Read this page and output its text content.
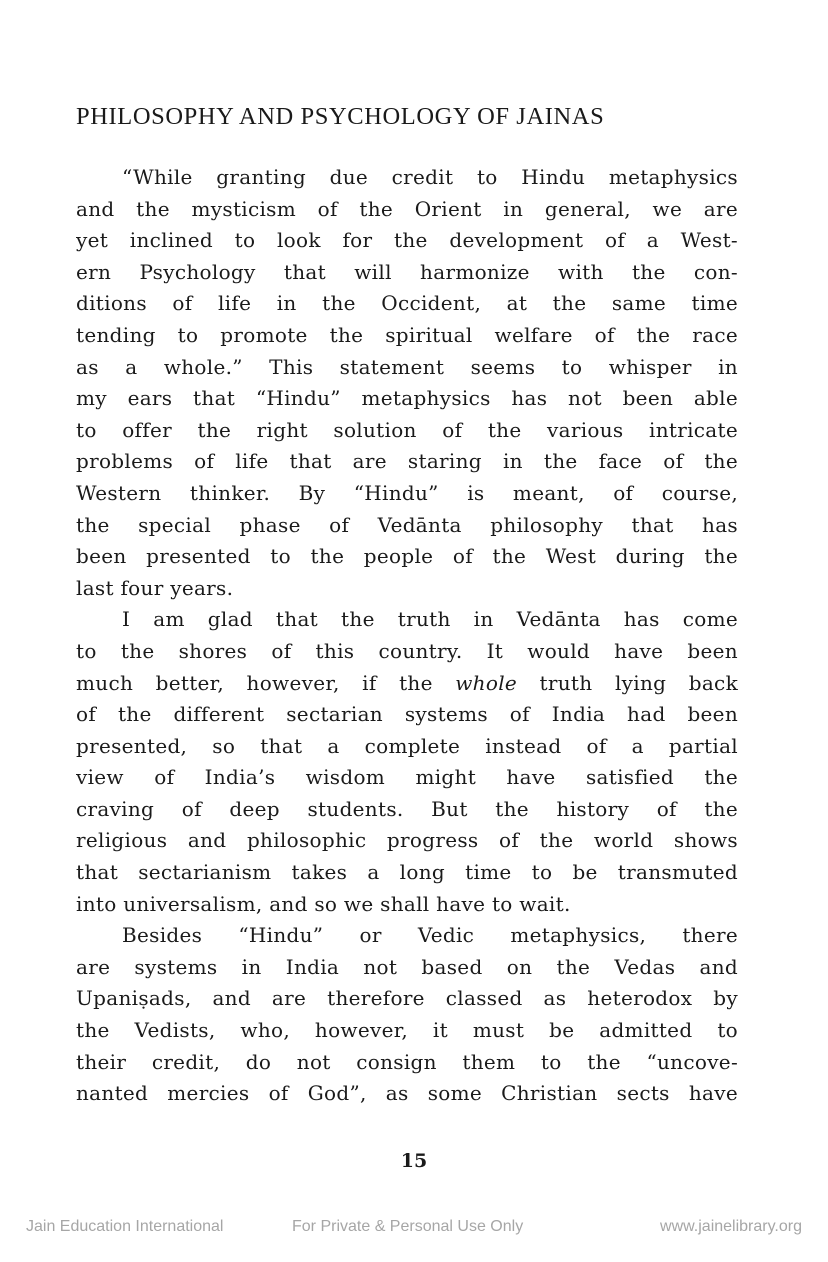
PHILOSOPHY AND PSYCHOLOGY OF JAINAS
“While granting due credit to Hindu metaphysics
and the mysticism of the Orient in general, we are
yet inclined to look for the development of a West-
ern Psychology that will harmonize with the con-
ditions of life in the Occident, at the same time
tending to promote the spiritual welfare of the race
as a whole.” This statement seems to whisper in
my ears that “Hindu” metaphysics has not been able
to offer the right solution of the various intricate
problems of life that are staring in the face of the
Western thinker. By “Hindu” is meant, of course,
the special phase of Vedānta philosophy that has
been presented to the people of the West during the
last four years.
I am glad that the truth in Vedānta has come
to the shores of this country. It would have been
much better, however, if the whole truth lying back
of the different sectarian systems of India had been
presented, so that a complete instead of a partial
view of India’s wisdom might have satisfied the
craving of deep students. But the history of the
religious and philosophic progress of the world shows
that sectarianism takes a long time to be transmuted
into universalism, and so we shall have to wait.
Besides “Hindu” or Vedic metaphysics, there
are systems in India not based on the Vedas and
Upaniṣads, and are therefore classed as heterodox by
the Vedists, who, however, it must be admitted to
their credit, do not consign them to the “uncove-
nanted mercies of God”, as some Christian sects have
15
Jain Education International	For Private & Personal Use Only	www.jainelibrary.org
